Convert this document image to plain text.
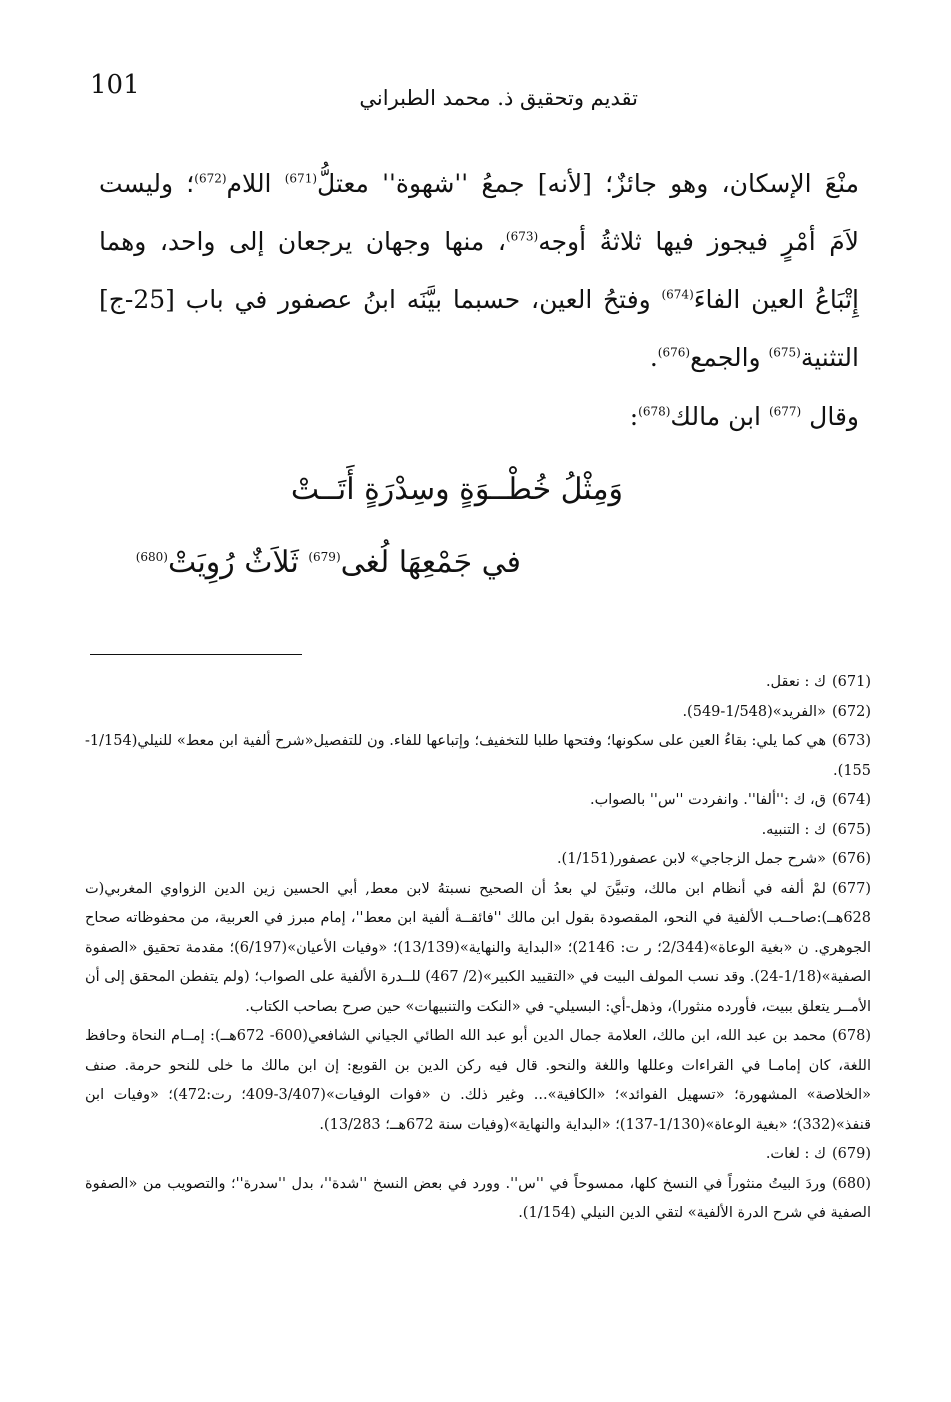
101	تقديم وتحقيق ذ. محمد الطبراني

منْعَ الإسكان، وهو جائزٌ؛ [لأنه] جمعُ ''شهوة'' معتلُّ$^{(671)}$ اللام$^{(672)}$؛ وليست

لاَمَ أمْرٍ فيجوز فيها ثلاثةُ أوجه$^{(673)}$، منها وجهان يرجعان إلى واحد، وهما

إِتْبَاعُ العين الفاءَ$^{(674)}$ وفتحُ العين، حسبما بيَّنَه ابنُ عصفور في باب [25-ج]

التثنية$^{(675)}$ والجمع$^{(676)}$.

وقال $^{(677)}$ ابن مالك$^{(678)}$:
وَمِثْلُ خُطْــوَةٍ وسِدْرَةٍ أَتَــتْ
في جَمْعِهَا لُغى$^{(679)}$ ثَلاَثٌ رُوِيَتْ$^{(680)}$
(671)ك : نعقل.
(672)«الفريد»(1/548-549).
(673)هي كما يلي: بقاءُ العين على سكونها؛ وفتحها طلبا للتخفيف؛ وإتباعها للفاء. ون للتفصيل«شرح ألفية ابن معط» للنيلي(1/154-155).
(674)ق، ك :''ألفا''. وانفردت ''س'' بالصواب.
(675)ك : التنبيه.
(676)«شرح جمل الزجاجي» لابن عصفور(1/151).
(677)لمْ ألفه في أنظام ابن مالك، وتبيَّنَ لي بعدُ أن الصحيح نسبتهُ لابن معط, أبي الحسين زين الدين الزواوي المغربي(ت 628هــ):صاحــب الألفية في النحو، المقصودة بقول ابن مالك ''فائقــة ألفية ابن معط''، إمام مبرز في العربية، من محفوظاته صحاح الجوهري. ن «بغية الوعاة»(2/344؛ ر ت: 2146)؛ «البداية والنهاية»(13/139)؛ «وفيات الأعيان»(6/197)؛ مقدمة تحقيق «الصفوة الصفية»(1/18-24). وقد نسب المولف البيت في «التقييد الكبير»(2/ 467) للــدرة الألفية على الصواب؛ (ولم يتفطن المحقق إلى أن الأمــر يتعلق ببيت، فأورده منثورا)، وذهل-أي: البسيلي- في «النكت والتنبيهات» حين صرح بصاحب الكتاب.
(678)محمد بن عبد الله، ابن مالك، العلامة جمال الدين أبو عبد الله الطائي الجياني الشافعي(600- 672هــ): إمــام النحاة وحافظ اللغة، كان إمامـا في القراءات وعللها واللغة والنحو. قال فيه ركن الدين بن القوبع: إن ابن مالك ما خلى للنحو حرمة. صنف «الخلاصة» المشهورة؛ «تسهيل الفوائد»؛ «الكافية»... وغير ذلك. ن «فوات الوفيات»(3/407-409؛ رت:472)؛ «وفيات ابن قنفذ»(332)؛ «بغية الوعاة»(1/130-137)؛ «البداية والنهاية»(وفيات سنة 672هــ؛ 13/283).
(679)ك : لغات.
(680)وردَ البيتُ منثوراً في النسخ كلها، ممسوحاً في ''س''. وورد في بعض النسخ ''شدة''، بدل ''سدرة''؛ والتصويب من «الصفوة الصفية في شرح الدرة الألفية» لتقي الدين النيلي (1/154).
